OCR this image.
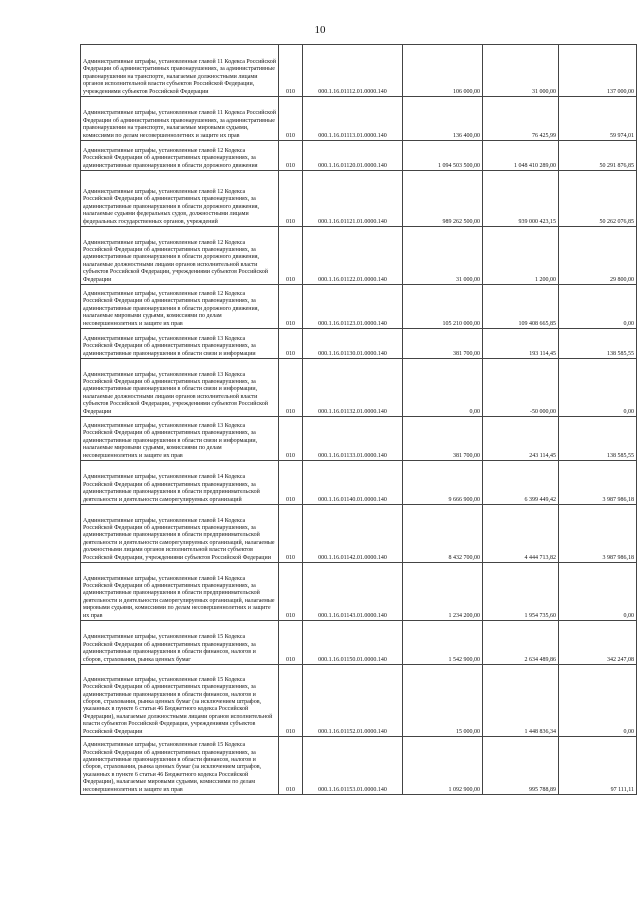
10
Административные штрафы, установленные главой 11 Кодекса Российской Федерации об административных правонарушениях, за административные правонарушения на транспорте, налагаемые должностными лицами органов исполнительной власти субъектов Российской Федерации, учреждениями субъектов Российской Федерации	010	000.1.16.01112.01.0000.140	106 000,00	31 000,00	137 000,00
Административные штрафы, установленные главой 11 Кодекса Российской Федерации об административных правонарушениях, за административные правонарушения на транспорте, налагаемые мировыми судьями, комиссиями по делам несовершеннолетних и защите их прав	010	000.1.16.01113.01.0000.140	136 400,00	76 425,99	59 974,01
Административные штрафы, установленные главой 12 Кодекса Российской Федерации об административных правонарушениях, за административные правонарушения в области дорожного движения	010	000.1.16.01120.01.0000.140	1 094 503 500,00	1 048 410 289,00	50 291 876,85
Административные штрафы, установленные главой 12 Кодекса Российской Федерации об административных правонарушениях, за административные правонарушения в области дорожного движения, налагаемые судьями федеральных судов, должностными лицами федеральных государственных органов, учреждений	010	000.1.16.01121.01.0000.140	989 262 500,00	939 000 423,15	50 262 076,85
Административные штрафы, установленные главой 12 Кодекса Российской Федерации об административных правонарушениях, за административные правонарушения в области дорожного движения, налагаемые должностными лицами органов исполнительной власти субъектов Российской Федерации, учреждениями субъектов Российской Федерации	010	000.1.16.01122.01.0000.140	31 000,00	1 200,00	29 800,00
Административные штрафы, установленные главой 12 Кодекса Российской Федерации об административных правонарушениях, за административные правонарушения в области дорожного движения, налагаемые мировыми судьями, комиссиями по делам несовершеннолетних и защите их прав	010	000.1.16.01123.01.0000.140	105 210 000,00	109 408 665,85	0,00
Административные штрафы, установленные главой 13 Кодекса Российской Федерации об административных правонарушениях, за административные правонарушения в области связи и информации	010	000.1.16.01130.01.0000.140	381 700,00	193 114,45	138 585,55
Административные штрафы, установленные главой 13 Кодекса Российской Федерации об административных правонарушениях, за административные правонарушения в области связи и информации, налагаемые должностными лицами органов исполнительной власти субъектов Российской Федерации, учреждениями субъектов Российской Федерации	010	000.1.16.01132.01.0000.140	0,00	-50 000,00	0,00
Административные штрафы, установленные главой 13 Кодекса Российской Федерации об административных правонарушениях, за административные правонарушения в области связи и информации, налагаемые мировыми судьями, комиссиями по делам несовершеннолетних и защите их прав	010	000.1.16.01133.01.0000.140	381 700,00	243 114,45	138 585,55
Административные штрафы, установленные главой 14 Кодекса Российской Федерации об административных правонарушениях, за административные правонарушения в области предпринимательской деятельности и деятельности саморегулируемых организаций	010	000.1.16.01140.01.0000.140	9 666 900,00	6 399 449,42	3 987 986,18
Административные штрафы, установленные главой 14 Кодекса Российской Федерации об административных правонарушениях, за административные правонарушения в области предпринимательской деятельности и деятельности саморегулируемых организаций, налагаемые должностными лицами органов исполнительной власти субъектов Российской Федерации, учреждениями субъектов Российской Федерации	010	000.1.16.01142.01.0000.140	8 432 700,00	4 444 713,82	3 987 986,18
Административные штрафы, установленные главой 14 Кодекса Российской Федерации об административных правонарушениях, за административные правонарушения в области предпринимательской деятельности и деятельности саморегулируемых организаций, налагаемые мировыми судьями, комиссиями по делам несовершеннолетних и защите их прав	010	000.1.16.01143.01.0000.140	1 234 200,00	1 954 735,60	0,00
Административные штрафы, установленные главой 15 Кодекса Российской Федерации об административных правонарушениях, за административные правонарушения в области финансов, налогов и сборов, страхования, рынка ценных бумаг	010	000.1.16.01150.01.0000.140	1 542 900,00	2 634 489,86	342 247,08
Административные штрафы, установленные главой 15 Кодекса Российской Федерации об административных правонарушениях, за административные правонарушения в области финансов, налогов и сборов, страхования, рынка ценных бумаг (за исключением штрафов, указанных в пункте 6 статьи 46 Бюджетного кодекса Российской Федерации), налагаемые должностными лицами органов исполнительной власти субъектов Российской Федерации, учреждениями субъектов Российской Федерации	010	000.1.16.01152.01.0000.140	15 000,00	1 448 836,34	0,00
Административные штрафы, установленные главой 15 Кодекса Российской Федерации об административных правонарушениях, за административные правонарушения в области финансов, налогов и сборов, страхования, рынка ценных бумаг (за исключением штрафов, указанных в пункте 6 статьи 46 Бюджетного кодекса Российской Федерации), налагаемые мировыми судьями, комиссиями по делам несовершеннолетних и защите их прав	010	000.1.16.01153.01.0000.140	1 092 900,00	995 788,89	97 111,11
